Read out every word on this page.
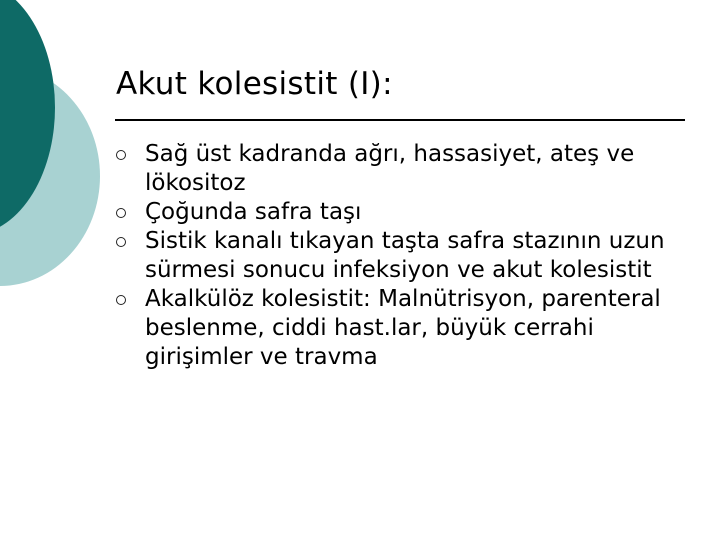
Akut kolesistit (I):
Sağ üst kadranda ağrı, hassasiyet, ateş ve lökositoz
Çoğunda safra taşı
Sistik kanalı tıkayan taşta safra stazının uzun sürmesi sonucu infeksiyon ve akut kolesistit
Akalkülöz kolesistit: Malnütrisyon, parenteral beslenme, ciddi hast.lar, büyük cerrahi girişimler ve travma
